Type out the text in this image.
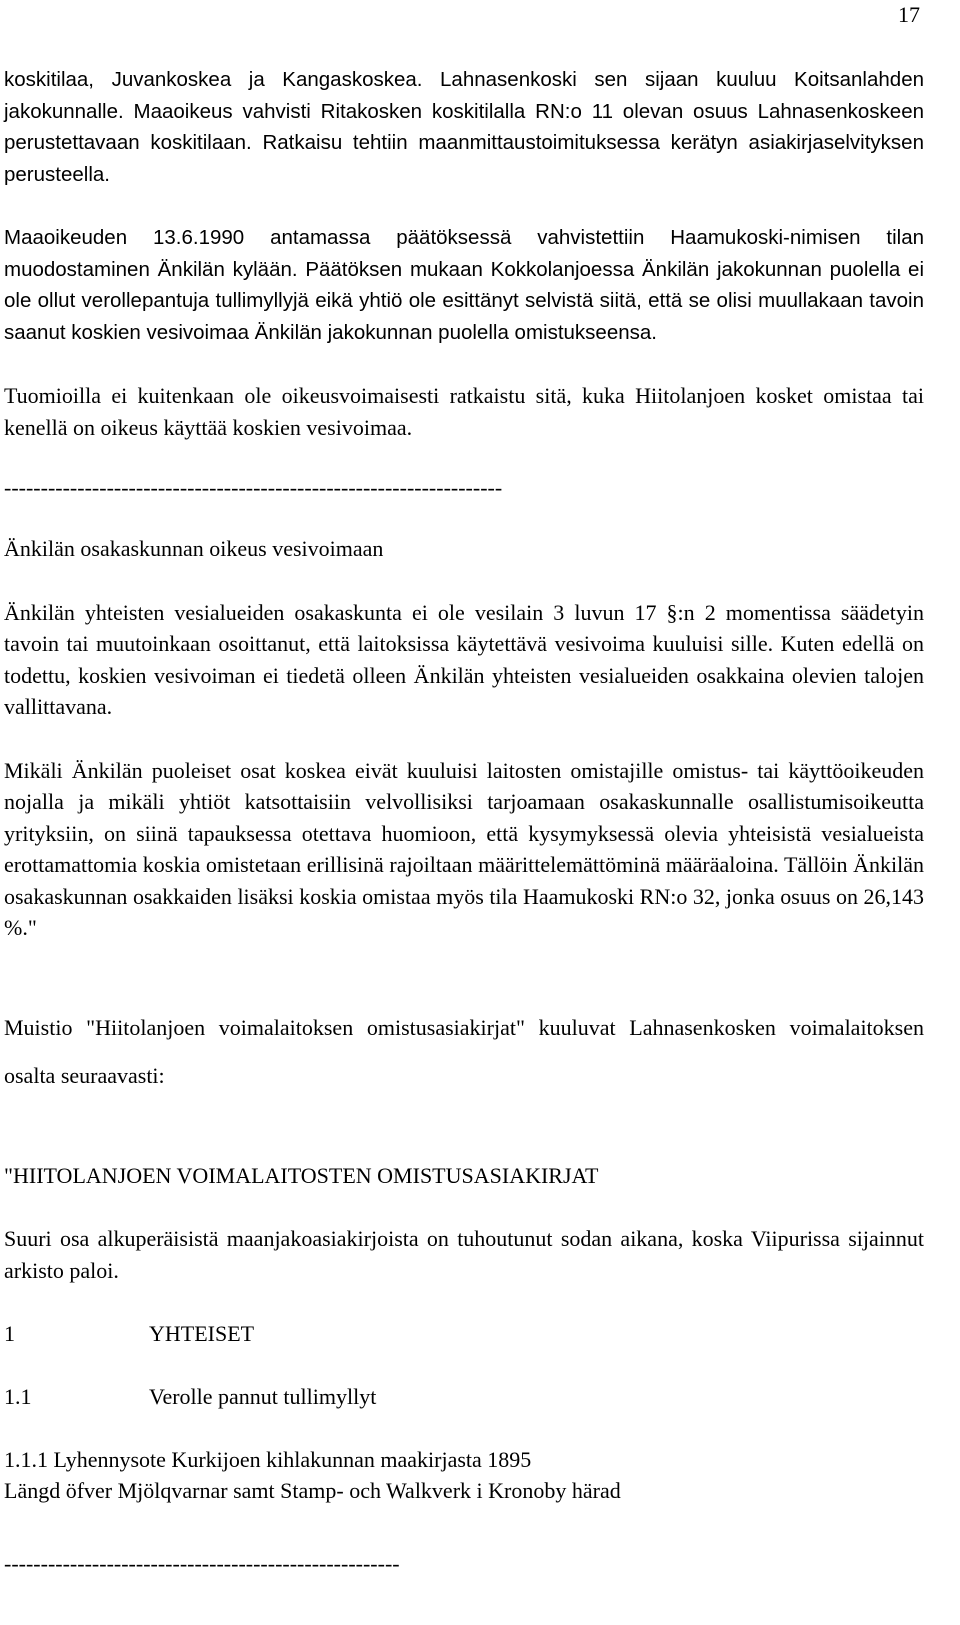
17

koskitilaa, Juvankoskea ja Kangaskoskea. Lahnasenkoski sen sijaan kuuluu Koitsanlahden jakokunnalle. Maaoikeus vahvisti Ritakosken koskitilalla RN:o 11 olevan osuus Lahnasenkoskeen perustettavaan koskitilaan. Ratkaisu tehtiin maanmittaustoimituksessa kerätyn asiakirjaselvityksen perusteella.

Maaoikeuden 13.6.1990 antamassa päätöksessä vahvistettiin Haamukoski-nimisen tilan muodostaminen Änkilän kylään. Päätöksen mukaan Kokkolanjoessa Änkilän jakokunnan puolella ei ole ollut verollepantuja tullimyllyjä eikä yhtiö ole esittänyt selvistä siitä, että se olisi muullakaan tavoin saanut koskien vesivoimaa Änkilän jakokunnan puolella omistukseensa.

Tuomioilla ei kuitenkaan ole oikeusvoimaisesti ratkaistu sitä, kuka Hiitolanjoen kosket omistaa tai kenellä on oikeus käyttää koskien vesivoimaa.

--------------------------------------------------------------------

Änkilän osakaskunnan oikeus vesivoimaan

Änkilän yhteisten vesialueiden osakaskunta ei ole vesilain 3 luvun 17 §:n 2 momentissa säädetyin tavoin tai muutoinkaan osoittanut, että laitoksissa käytettävä vesivoima kuuluisi sille. Kuten edellä on todettu, koskien vesivoiman ei tiedetä olleen Änkilän yhteisten vesialueiden osakkaina olevien talojen vallittavana.

Mikäli Änkilän puoleiset osat koskea eivät kuuluisi laitosten omistajille omistus- tai käyttöoikeuden nojalla ja mikäli yhtiöt katsottaisiin velvollisiksi tarjoamaan osakaskunnalle osallistumisoikeutta yrityksiin, on siinä tapauksessa otettava huomioon, että kysymyksessä olevia yhteisistä vesialueista erottamattomia koskia omistetaan erillisinä rajoiltaan määrittelemättöminä määräaloina. Tällöin Änkilän osakaskunnan osakkaiden lisäksi koskia omistaa myös tila Haamukoski RN:o 32, jonka osuus on 26,143 %."

Muistio "Hiitolanjoen voimalaitoksen omistusasiakirjat" kuuluvat Lahnasenkosken voimalaitoksen osalta seuraavasti:

"HIITOLANJOEN VOIMALAITOSTEN OMISTUSASIAKIRJAT

Suuri osa alkuperäisistä maanjakoasiakirjoista on tuhoutunut sodan aikana, koska Viipurissa sijainnut arkisto paloi.

1	YHTEISET
1.1	Verolle pannut tullimyllyt
1.1.1 Lyhennysote Kurkijoen kihlakunnan maakirjasta 1895
Längd öfver Mjölqvarnar samt Stamp- och Walkverk i Kronoby härad
------------------------------------------------------
